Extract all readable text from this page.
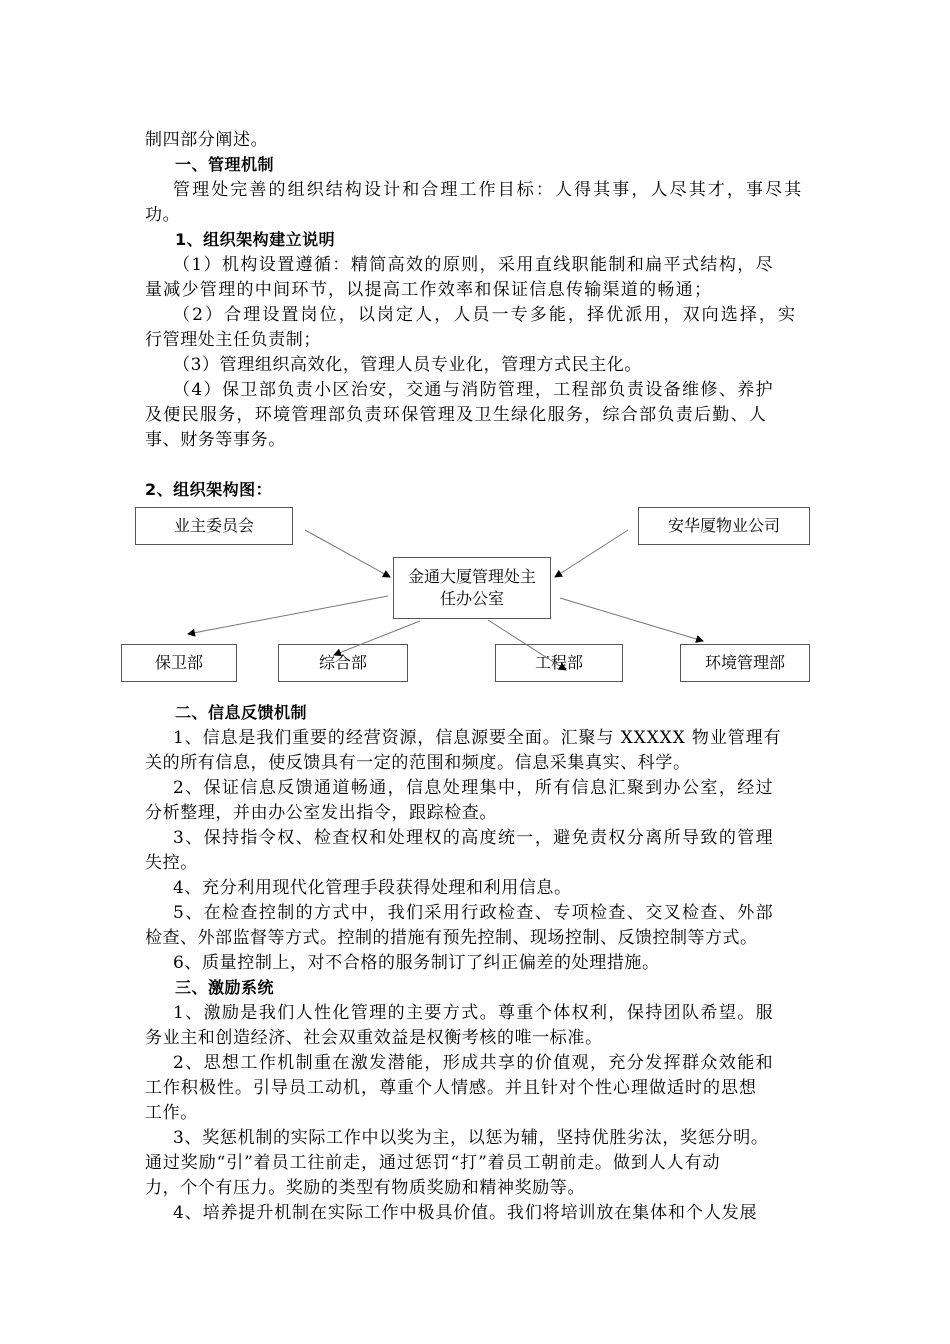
制四部分阐述。
一、管理机制
管理处完善的组织结构设计和合理工作目标：人得其事，人尽其才，事尽其
功。
1、组织架构建立说明
（1）机构设置遵循：精简高效的原则，采用直线职能制和扁平式结构，尽
量减少管理的中间环节，以提高工作效率和保证信息传输渠道的畅通；
（2）合理设置岗位，以岗定人，人员一专多能，择优派用，双向选择，实
行管理处主任负责制；
（3）管理组织高效化，管理人员专业化，管理方式民主化。
（4）保卫部负责小区治安，交通与消防管理，工程部负责设备维修、养护
及便民服务，环境管理部负责环保管理及卫生绿化服务，综合部负责后勤、人
事、财务等事务。
2、组织架构图：
业主委员会	安华厦物业公司
金通大厦管理处主任办公室
保卫部	综合部	工程部	环境管理部
二、信息反馈机制
1、信息是我们重要的经营资源，信息源要全面。汇聚与 XXXXX 物业管理有
关的所有信息，使反馈具有一定的范围和频度。信息采集真实、科学。
2、保证信息反馈通道畅通，信息处理集中，所有信息汇聚到办公室，经过
分析整理，并由办公室发出指令，跟踪检查。
3、保持指令权、检查权和处理权的高度统一，避免责权分离所导致的管理
失控。
4、充分利用现代化管理手段获得处理和利用信息。
5、在检查控制的方式中，我们采用行政检查、专项检查、交叉检查、外部
检查、外部监督等方式。控制的措施有预先控制、现场控制、反馈控制等方式。
6、质量控制上，对不合格的服务制订了纠正偏差的处理措施。
三、激励系统
1、激励是我们人性化管理的主要方式。尊重个体权利，保持团队希望。服
务业主和创造经济、社会双重效益是权衡考核的唯一标准。
2、思想工作机制重在激发潜能，形成共享的价值观，充分发挥群众效能和
工作积极性。引导员工动机，尊重个人情感。并且针对个性心理做适时的思想
工作。
3、奖惩机制的实际工作中以奖为主，以惩为辅，坚持优胜劣汰，奖惩分明。
通过奖励“引”着员工往前走，通过惩罚“打”着员工朝前走。做到人人有动
力，个个有压力。奖励的类型有物质奖励和精神奖励等。
4、培养提升机制在实际工作中极具价值。我们将培训放在集体和个人发展
